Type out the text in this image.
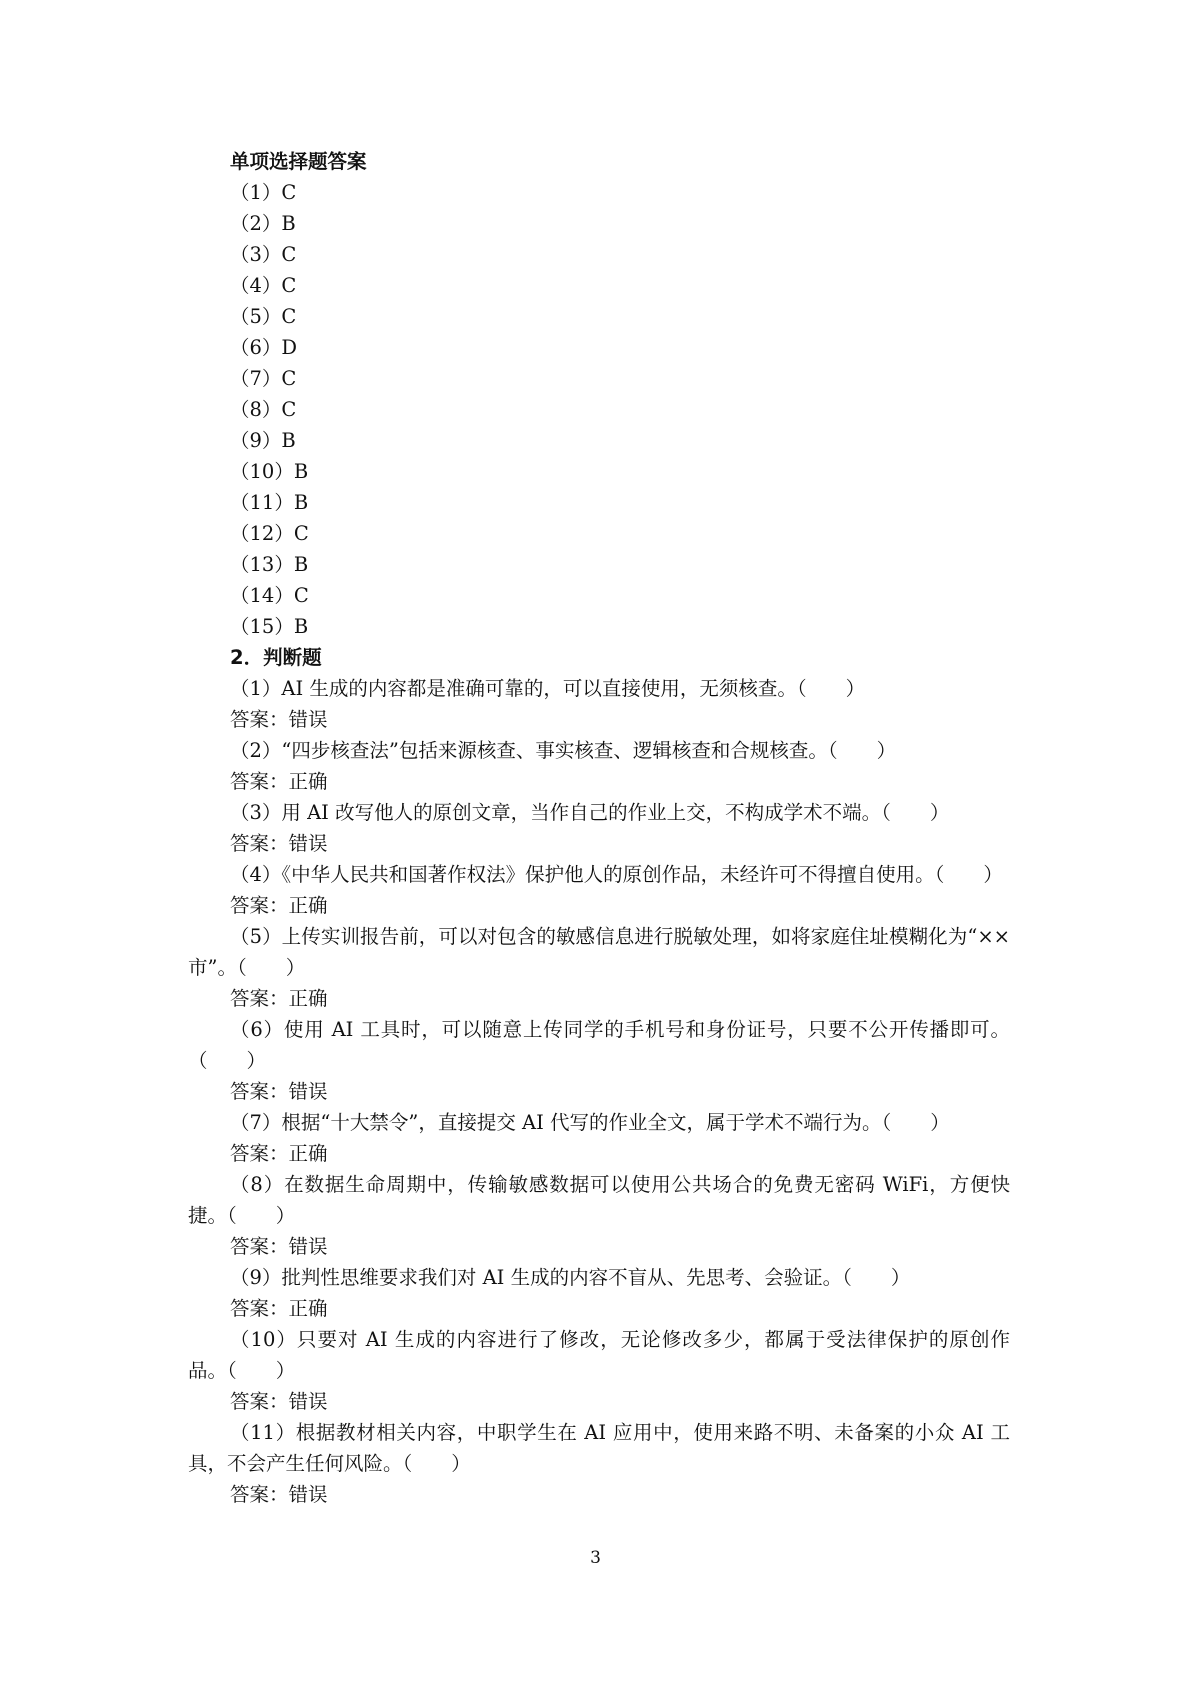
单项选择题答案
（1）C
（2）B
（3）C
（4）C
（5）C
（6）D
（7）C
（8）C
（9）B
（10）B
（11）B
（12）C
（13）B
（14）C
（15）B
2．判断题
（1）AI 生成的内容都是准确可靠的，可以直接使用，无须核查。（　　）
答案：错误
（2）“四步核查法”包括来源核查、事实核查、逻辑核查和合规核查。（　　）
答案：正确
（3）用 AI 改写他人的原创文章，当作自己的作业上交，不构成学术不端。（　　）
答案：错误
（4）《中华人民共和国著作权法》保护他人的原创作品，未经许可不得擅自使用。（　　）
答案：正确
（5）上传实训报告前，可以对包含的敏感信息进行脱敏处理，如将家庭住址模糊化为“××市”。（　　）
答案：正确
（6）使用 AI 工具时，可以随意上传同学的手机号和身份证号，只要不公开传播即可。（　　）
答案：错误
（7）根据“十大禁令”，直接提交 AI 代写的作业全文，属于学术不端行为。（　　）
答案：正确
（8）在数据生命周期中，传输敏感数据可以使用公共场合的免费无密码 WiFi，方便快捷。（　　）
答案：错误
（9）批判性思维要求我们对 AI 生成的内容不盲从、先思考、会验证。（　　）
答案：正确
（10）只要对 AI 生成的内容进行了修改，无论修改多少，都属于受法律保护的原创作品。（　　）
答案：错误
（11）根据教材相关内容，中职学生在 AI 应用中，使用来路不明、未备案的小众 AI 工具，不会产生任何风险。（　　）
答案：错误
3
